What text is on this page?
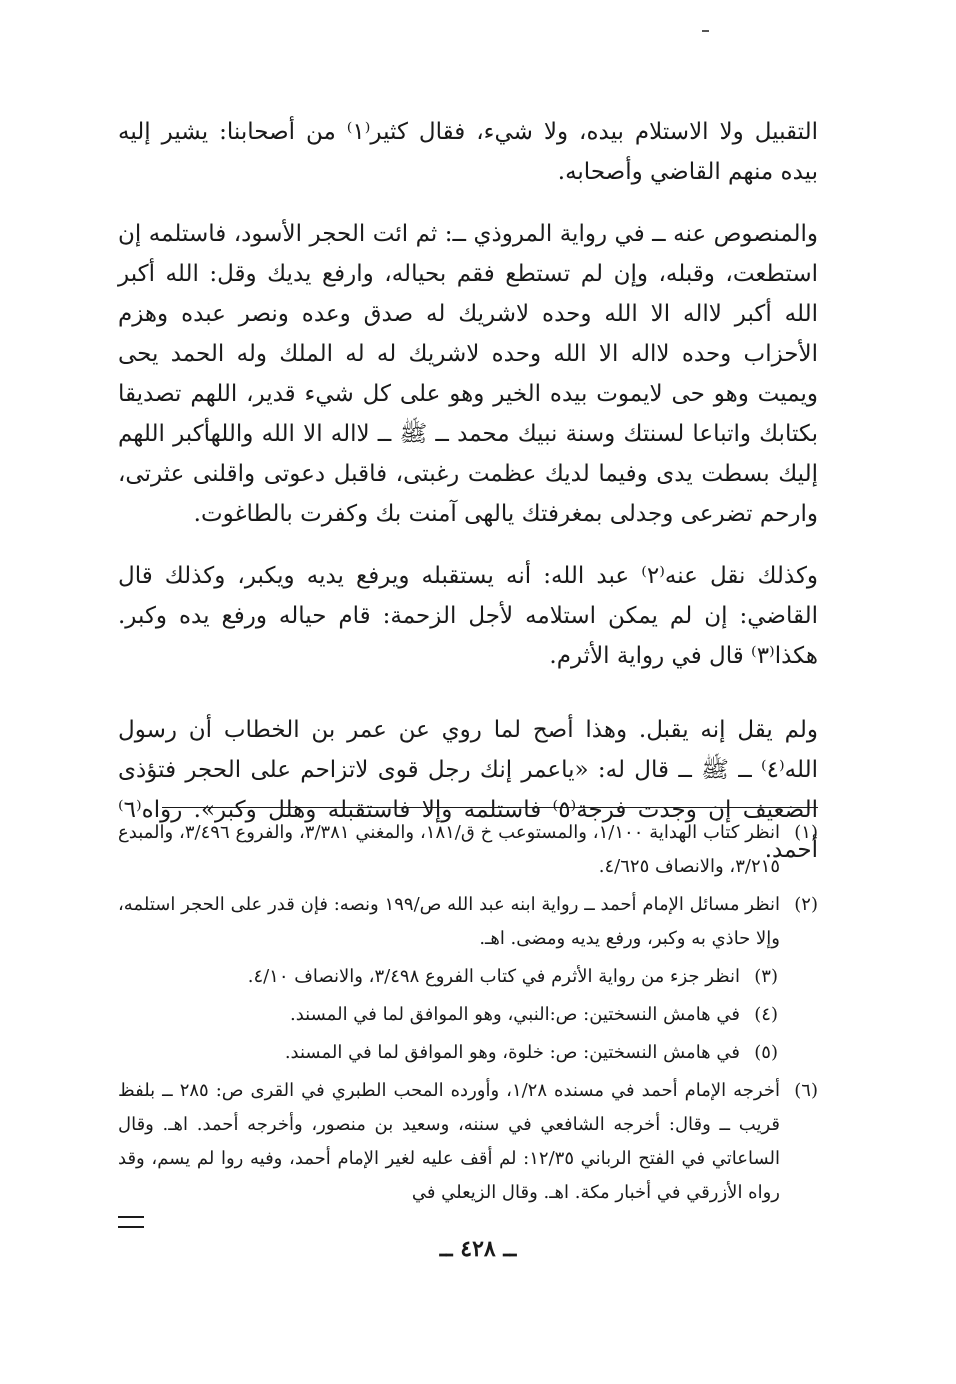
التقبيل ولا الاستلام بيده، ولا شيء، فقال كثير⁽١⁾ من أصحابنا: يشير إليه بيده منهم القاضي وأصحابه.

والمنصوص عنه ــ في رواية المروذي ــ: ثم ائت الحجر الأسود، فاستلمه إن استطعت، وقبله، وإن لم تستطع فقم بحياله، وارفع يديك وقل: الله أكبر الله أكبر لااله الا الله وحده لاشريك له صدق وعده ونصر عبده وهزم الأحزاب وحده لااله الا الله وحده لاشريك له له الملك وله الحمد يحى ويميت وهو حى لايموت بيده الخير وهو على كل شيء قدير، اللهم تصديقا بكتابك واتباعا لسنتك وسنة نبيك محمد ــ ﷺ ــ لااله الا الله واللهأكبر اللهم إليك بسطت يدى وفيما لديك عظمت رغبتى، فاقبل دعوتى واقلنى عثرتى، وارحم تضرعى وجدلى بمغرفتك يالهى آمنت بك وكفرت بالطاغوت.

وكذلك نقل عنه⁽٢⁾ عبد الله: أنه يستقبله ويرفع يديه ويكبر، وكذلك قال القاضي: إن لم يمكن استلامه لأجل الزحمة: قام حياله ورفع يده وكبر. هكذا⁽٣⁾ قال في رواية الأثرم.

ولم يقل إنه يقبل. وهذا أصح لما روي عن عمر بن الخطاب أن رسول الله⁽٤⁾ ــ ﷺ ــ قال له: «ياعمر إنك رجل قوى لاتزاحم على الحجر فتؤذى الضعيف إن وجدت فرجة⁽٥⁾ فاستلمه وإلا فاستقبله وهلل وكبر». رواه⁽٦⁾ أحمد.

(١)
انظر كتاب الهداية ١/١٠٠، والمستوعب خ ق/١٨١، والمغني ٣/٣٨١، والفروع ٣/٤٩٦، والمبدع ٣/٢١٥، والانصاف ٤/٦٢٥.
(٢)
انظر مسائل الإمام أحمد ــ رواية ابنه عبد الله ص/١٩٩ ونصه: فإن قدر على الحجر استلمه، وإلا حاذي به وكبر، ورفع يديه ومضى. اهـ.
(٣)
انظر جزء من رواية الأثرم في كتاب الفروع ٣/٤٩٨، والانصاف ٤/١٠.
(٤)
في هامش النسختين: ص:النبي، وهو الموافق لما في المسند.
(٥)
في هامش النسختين: ص: خلوة، وهو الموافق لما في المسند.
(٦)
أخرجه الإمام أحمد في مسنده ١/٢٨، وأورده المحب الطبري في القرى ص: ٢٨٥ ــ بلفظ قريب ــ وقال: أخرجه الشافعي في سننه، وسعيد بن منصور، وأخرجه أحمد. اهـ. وقال الساعاتي في الفتح الرباني ١٢/٣٥: لم أقف عليه لغير الإمام أحمد، وفيه روا لم يسم، وقد رواه الأزرقي في أخبار مكة. اهـ. وقال الزيعلي في
ــ ٤٢٨ ــ
